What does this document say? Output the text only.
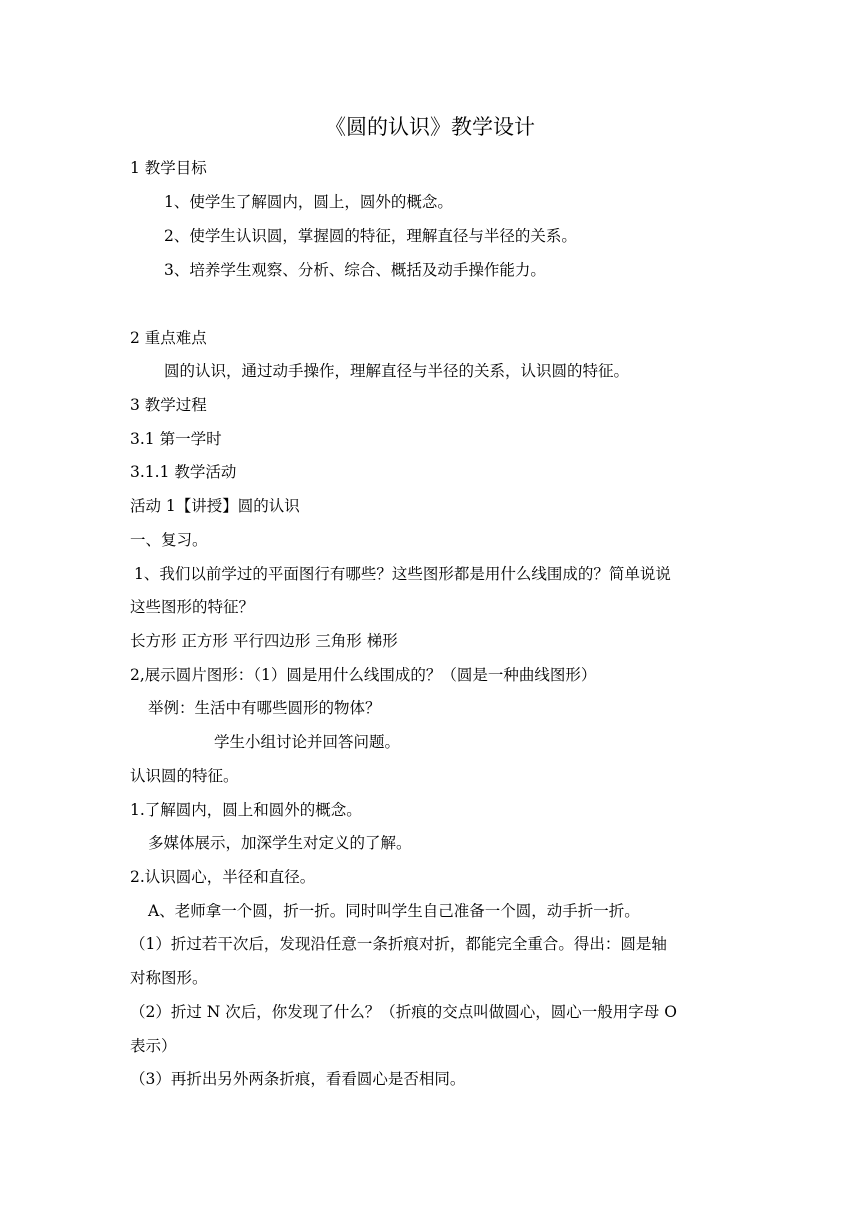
《圆的认识》教学设计
1 教学目标
1、使学生了解圆内，圆上，圆外的概念。
2、使学生认识圆，掌握圆的特征，理解直径与半径的关系。
3、培养学生观察、分析、综合、概括及动手操作能力。
2 重点难点
圆的认识，通过动手操作，理解直径与半径的关系，认识圆的特征。
3 教学过程
3.1 第一学时
3.1.1 教学活动
活动 1【讲授】圆的认识
一、复习。
1、我们以前学过的平面图行有哪些？这些图形都是用什么线围成的？简单说说
这些图形的特征？
长方形 正方形 平行四边形 三角形 梯形
2,展示圆片图形：（1）圆是用什么线围成的？（圆是一种曲线图形）
举例：生活中有哪些圆形的物体？
学生小组讨论并回答问题。
认识圆的特征。
1.了解圆内，圆上和圆外的概念。
多媒体展示，加深学生对定义的了解。
2.认识圆心，半径和直径。
A、老师拿一个圆，折一折。同时叫学生自己准备一个圆，动手折一折。
（1）折过若干次后，发现沿任意一条折痕对折，都能完全重合。得出：圆是轴
对称图形。
（2）折过 N 次后，你发现了什么？（折痕的交点叫做圆心，圆心一般用字母 O
表示）
（3）再折出另外两条折痕，看看圆心是否相同。
